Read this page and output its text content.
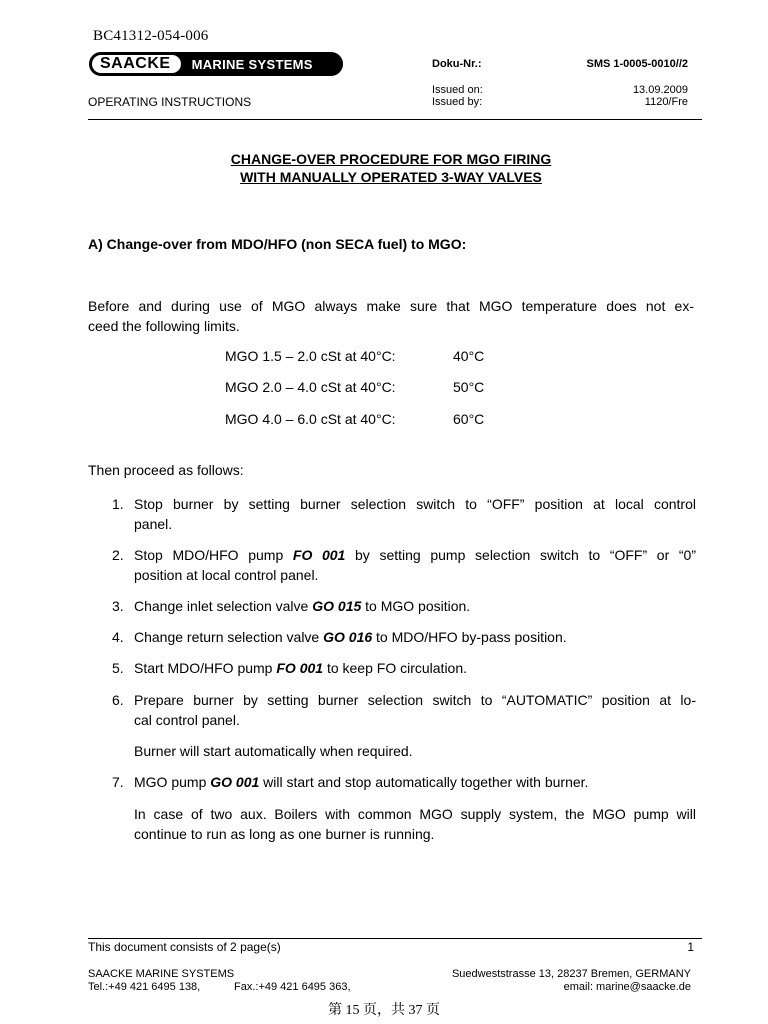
BC41312-054-006
SAACKE	MARINE SYSTEMS	Doku-Nr.:	SMS 1-0005-0010//2
Issued on:	13.09.2009
OPERATING INSTRUCTIONS	Issued by:	1120/Fre
CHANGE-OVER PROCEDURE FOR MGO FIRING
WITH MANUALLY OPERATED 3-WAY VALVES
A) Change-over from MDO/HFO (non SECA fuel) to MGO:
Before and during use of MGO always make sure that MGO temperature does not ex-
ceed the following limits.
MGO 1.5 – 2.0 cSt at 40°C:	40°C
MGO 2.0 – 4.0 cSt at 40°C:	50°C
MGO 4.0 – 6.0 cSt at 40°C:	60°C
Then proceed as follows:
1. Stop burner by setting burner selection switch to “OFF” position at local control
panel.
2. Stop MDO/HFO pump FO 001 by setting pump selection switch to “OFF” or “0”
position at local control panel.
3. Change inlet selection valve GO 015 to MGO position.
4. Change return selection valve GO 016 to MDO/HFO by-pass position.
5. Start MDO/HFO pump FO 001 to keep FO circulation.
6. Prepare burner by setting burner selection switch to “AUTOMATIC” position at lo-
cal control panel.
Burner will start automatically when required.
7. MGO pump GO 001 will start and stop automatically together with burner.
In case of two aux. Boilers with common MGO supply system, the MGO pump will
continue to run as long as one burner is running.
This document consists of 2 page(s)	1
SAACKE MARINE SYSTEMS
Tel.:+49 421 6495 138,	Fax.:+49 421 6495 363,
Suedweststrasse 13, 28237 Bremen, GERMANY
email: marine@saacke.de
第 15 页，共 37 页
